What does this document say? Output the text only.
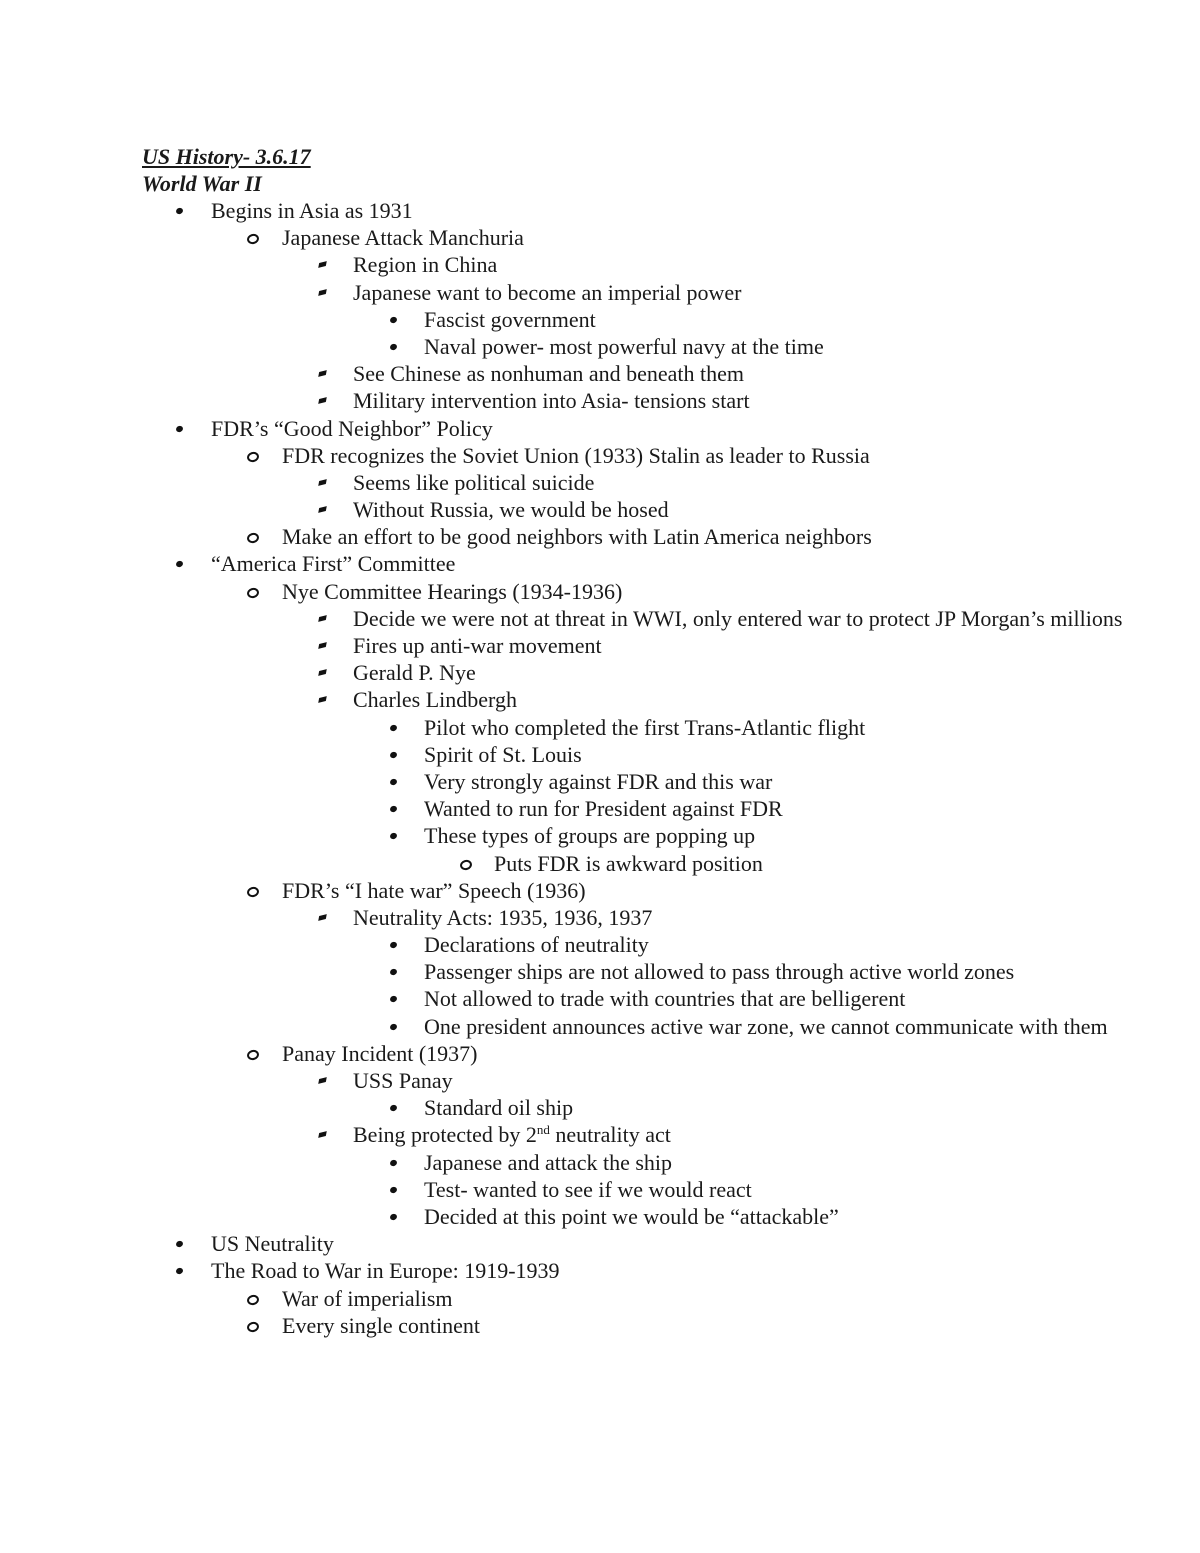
US History- 3.6.17
World War II
Begins in Asia as 1931
Japanese Attack Manchuria
Region in China
Japanese want to become an imperial power
Fascist government
Naval power- most powerful navy at the time
See Chinese as nonhuman and beneath them
Military intervention into Asia- tensions start
FDR’s “Good Neighbor” Policy
FDR recognizes the Soviet Union (1933) Stalin as leader to Russia
Seems like political suicide
Without Russia, we would be hosed
Make an effort to be good neighbors with Latin America neighbors
“America First” Committee
Nye Committee Hearings (1934-1936)
Decide we were not at threat in WWI, only entered war to protect JP Morgan’s millions
Fires up anti-war movement
Gerald P. Nye
Charles Lindbergh
Pilot who completed the first Trans-Atlantic flight
Spirit of St. Louis
Very strongly against FDR and this war
Wanted to run for President against FDR
These types of groups are popping up
Puts FDR is awkward position
FDR’s “I hate war” Speech (1936)
Neutrality Acts: 1935, 1936, 1937
Declarations of neutrality
Passenger ships are not allowed to pass through active world zones
Not allowed to trade with countries that are belligerent
One president announces active war zone, we cannot communicate with them
Panay Incident (1937)
USS Panay
Standard oil ship
Being protected by 2nd neutrality act
Japanese and attack the ship
Test- wanted to see if we would react
Decided at this point we would be “attackable”
US Neutrality
The Road to War in Europe: 1919-1939
War of imperialism
Every single continent
